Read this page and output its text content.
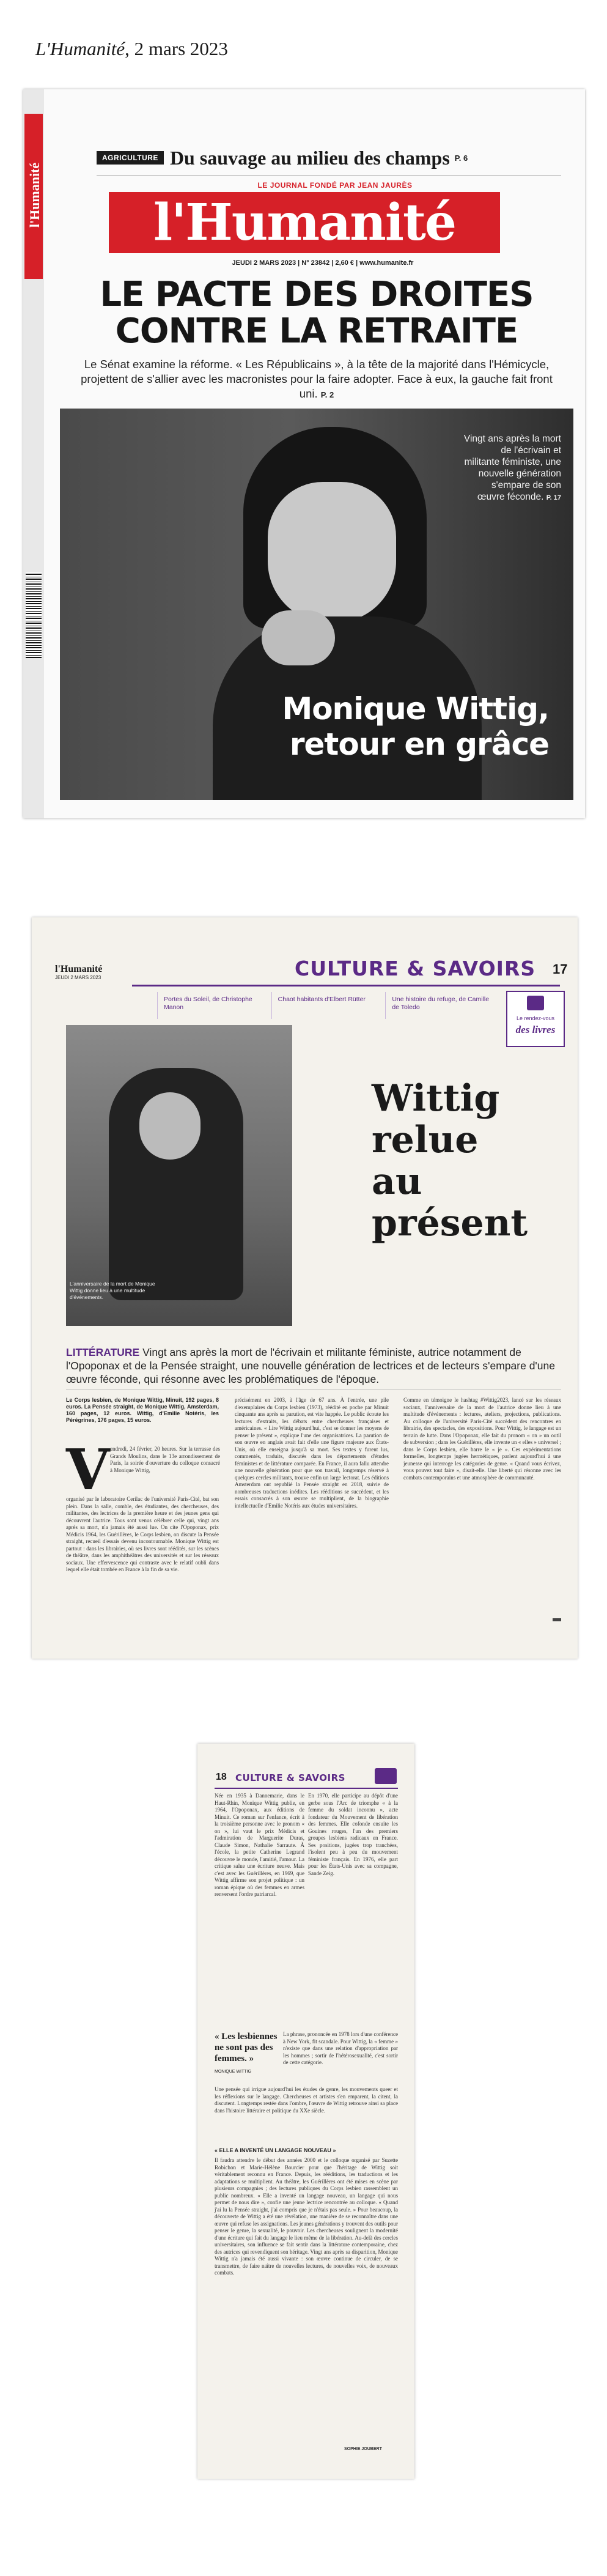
L'Humanité, 2 mars 2023
l'Humanité
AGRICULTURE Du sauvage au milieu des champs P. 6
LE JOURNAL FONDÉ PAR JEAN JAURÈS
l'Humanité
JEUDI 2 MARS 2023 | N° 23842 | 2,60 € | www.humanite.fr
LE PACTE DES DROITES
CONTRE LA RETRAITE
Le Sénat examine la réforme. « Les Républicains », à la tête de la majorité dans l'Hémicycle, projettent de s'allier avec les macronistes pour la faire adopter. Face à eux, la gauche fait front uni. P. 2
Vingt ans après la mort de l'écrivain et militante féministe, une nouvelle génération s'empare de son œuvre féconde. P. 17
Monique Wittig,
retour en grâce
l'Humanité
JEUDI 2 MARS 2023	CULTURE & SAVOIRS 17
Portes du Soleil, de Christophe Manon
Chaot habitants d'Elbert Rütter	Une histoire du refuge, de Camille de Toledo
Le rendez-vous
des livres
L'anniversaire de la mort de Monique Wittig donne lieu à une multitude d'événements.
Wittig
relue
au
présent
LITTÉRATURE Vingt ans après la mort de l'écrivain et militante féministe, autrice notamment de l'Opoponax et de la Pensée straight, une nouvelle génération de lectrices et de lecteurs s'empare d'une œuvre féconde, qui résonne avec les problématiques de l'époque.
Le Corps lesbien, de Monique Wittig, Minuit, 192 pages, 8 euros. La Pensée straight, de Monique Wittig, Amsterdam, 160 pages, 12 euros. Wittig, d'Emilie Notéris, Ies Pérégrines, 176 pages, 15 euros.
V endredi, 24 février, 20 heures. Sur la terrasse des Grands Moulins, dans le 13e arrondissement de Paris, la soirée d'ouverture du colloque consacré à Monique Wittig,
organisé par le laboratoire Cerilac de l'université Paris-Cité, bat son plein. Dans la salle, comble, des étudiantes, des chercheuses, des militantes, des lectrices de la première heure et des jeunes gens qui découvrent l'autrice. Tous sont venus célébrer celle qui, vingt ans après sa mort, n'a jamais été aussi lue. On cite l'Opoponax, prix Médicis 1964, les Guérillères, le Corps lesbien, on discute la Pensée straight, recueil d'essais devenu incontournable. Monique Wittig est partout : dans les librairies, où ses livres sont réédités, sur les scènes de théâtre, dans les amphithéâtres des universités et sur les réseaux sociaux. Une effervescence qui contraste avec le relatif oubli dans lequel elle était tombée en France à la fin de sa vie.
précisément en 2003, à l'âge de 67 ans. À l'entrée, une pile d'exemplaires du Corps lesbien (1973), réédité en poche par Minuit cinquante ans après sa parution, est vite happée. Le public écoute les lectures d'extraits, les débats entre chercheuses françaises et américaines. « Lire Wittig aujourd'hui, c'est se donner les moyens de penser le présent », explique l'une des organisatrices. La parution de son œuvre en anglais avait fait d'elle une figure majeure aux États-Unis, où elle enseigna jusqu'à sa mort. Ses textes y furent lus, commentés, traduits, discutés dans les départements d'études féministes et de littérature comparée. En France, il aura fallu attendre une nouvelle génération pour que son travail, longtemps réservé à quelques cercles militants, trouve enfin un large lectorat. Les éditions Amsterdam ont republié la Pensée straight en 2018, suivie de nombreuses traductions inédites. Les rééditions se succèdent, et les essais consacrés à son œuvre se multiplient, de la biographie intellectuelle d'Emilie Notéris aux études universitaires.
Comme en témoigne le hashtag #Wittig2023, lancé sur les réseaux sociaux, l'anniversaire de la mort de l'autrice donne lieu à une multitude d'événements : lectures, ateliers, projections, publications. Au colloque de l'université Paris-Cité succèdent des rencontres en librairie, des spectacles, des expositions. Pour Wittig, le langage est un terrain de lutte. Dans l'Opoponax, elle fait du pronom « on » un outil de subversion ; dans les Guérillères, elle invente un « elles » universel ; dans le Corps lesbien, elle barre le « je ». Ces expérimentations formelles, longtemps jugées hermétiques, parlent aujourd'hui à une jeunesse qui interroge les catégories de genre. « Quand vous écrivez, vous pouvez tout faire », disait-elle. Une liberté qui résonne avec les combats contemporains et une atmosphère de communauté.
18 CULTURE & SAVOIRS
Née en 1935 à Dannemarie, dans le Haut-Rhin, Monique Wittig publie, en 1964, l'Opoponax, aux éditions de Minuit. Ce roman sur l'enfance, écrit à la troisième personne avec le pronom « on », lui vaut le prix Médicis et l'admiration de Marguerite Duras, Claude Simon, Nathalie Sarraute. À l'école, la petite Catherine Legrand découvre le monde, l'amitié, l'amour. La critique salue une écriture neuve. Mais c'est avec les Guérillères, en 1969, que Wittig affirme son projet politique : un roman épique où des femmes en armes renversent l'ordre patriarcal.
En 1970, elle participe au dépôt d'une gerbe sous l'Arc de triomphe « à la femme du soldat inconnu », acte fondateur du Mouvement de libération des femmes. Elle cofonde ensuite les Gouines rouges, l'un des premiers groupes lesbiens radicaux en France. Ses positions, jugées trop tranchées, l'isolent peu à peu du mouvement féministe français. En 1976, elle part pour les États-Unis avec sa compagne, Sande Zeig.
« Les lesbiennes ne sont pas des femmes. »
MONIQUE WITTIG
La phrase, prononcée en 1978 lors d'une conférence à New York, fit scandale. Pour Wittig, la « femme » n'existe que dans une relation d'appropriation par les hommes ; sortir de l'hétérosexualité, c'est sortir de cette catégorie.
Une pensée qui irrigue aujourd'hui les études de genre, les mouvements queer et les réflexions sur le langage. Chercheuses et artistes s'en emparent, la citent, la discutent. Longtemps restée dans l'ombre, l'œuvre de Wittig retrouve ainsi sa place dans l'histoire littéraire et politique du XXe siècle.
« ELLE A INVENTÉ UN LANGAGE NOUVEAU »
Il faudra attendre le début des années 2000 et le colloque organisé par Suzette Robichon et Marie-Hélène Bourcier pour que l'héritage de Wittig soit véritablement reconnu en France. Depuis, les rééditions, les traductions et les adaptations se multiplient. Au théâtre, les Guérillères ont été mises en scène par plusieurs compagnies ; des lectures publiques du Corps lesbien rassemblent un public nombreux. « Elle a inventé un langage nouveau, un langage qui nous permet de nous dire », confie une jeune lectrice rencontrée au colloque. « Quand j'ai lu la Pensée straight, j'ai compris que je n'étais pas seule. » Pour beaucoup, la découverte de Wittig a été une révélation, une manière de se reconnaître dans une œuvre qui refuse les assignations. Les jeunes générations y trouvent des outils pour penser le genre, la sexualité, le pouvoir. Les chercheuses soulignent la modernité d'une écriture qui fait du langage le lieu même de la libération. Au-delà des cercles universitaires, son influence se fait sentir dans la littérature contemporaine, chez des autrices qui revendiquent son héritage. Vingt ans après sa disparition, Monique Wittig n'a jamais été aussi vivante : son œuvre continue de circuler, de se transmettre, de faire naître de nouvelles lectures, de nouvelles voix, de nouveaux combats.
SOPHIE JOUBERT
